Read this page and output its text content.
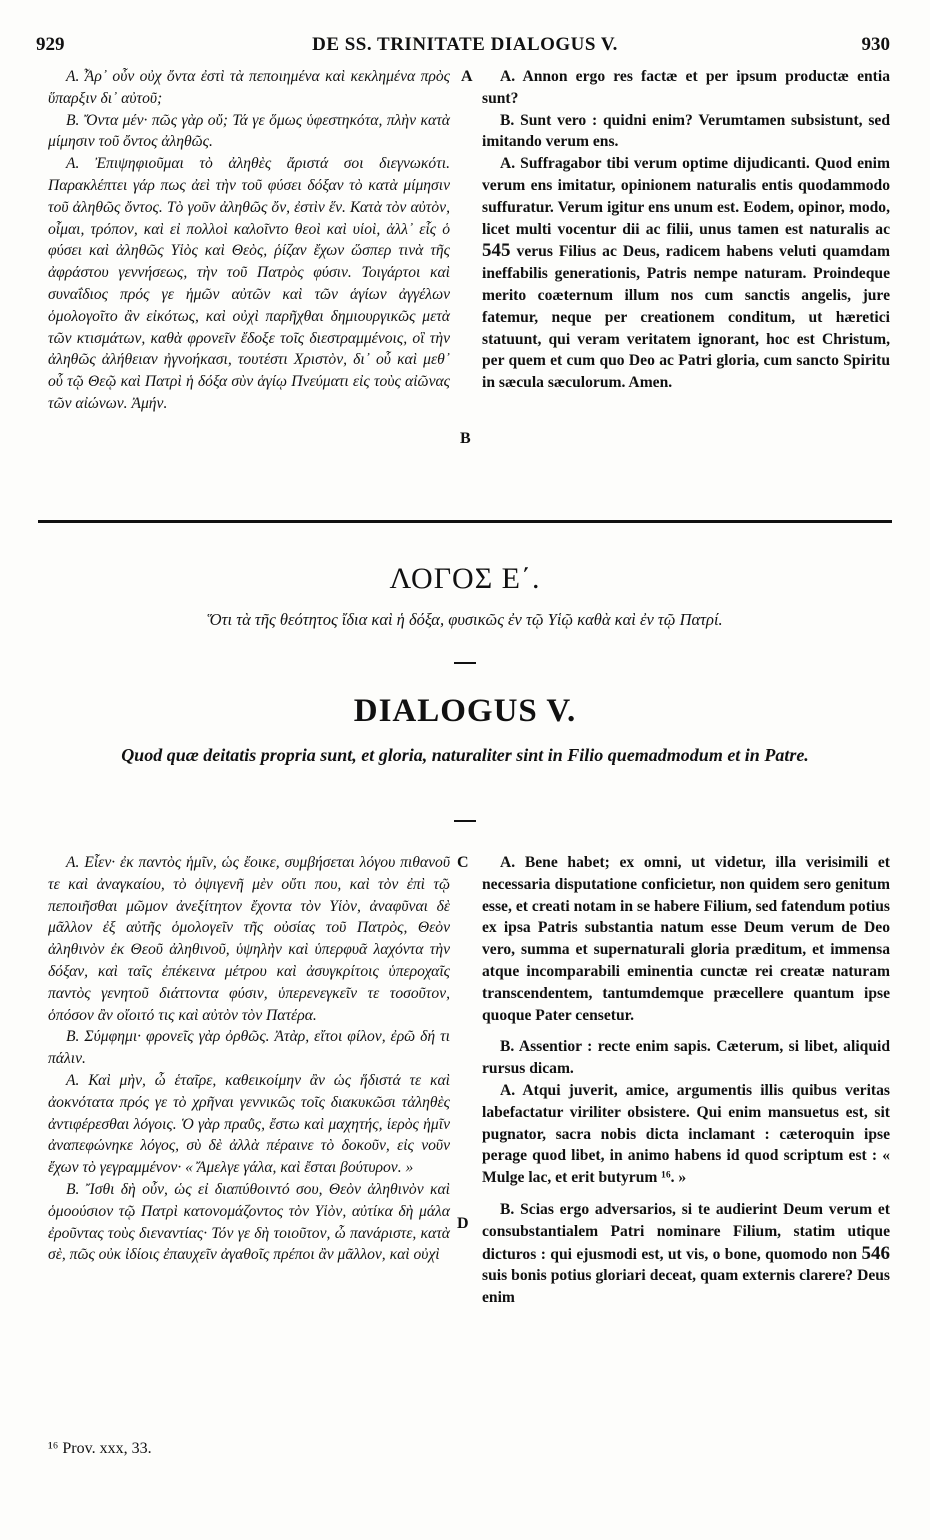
929	DE SS. TRINITATE DIALOGUS V.	930

A. Ἆρ᾽ οὖν οὐχ ὄντα ἐστὶ τὰ πεποιημένα καὶ κεκλημένα πρὸς ὕπαρξιν δι᾽ αὐτοῦ;

B. Ὄντα μέν· πῶς γὰρ οὔ; Τά γε ὅμως ὑφεστηκότα, πλὴν κατὰ μίμησιν τοῦ ὄντος ἀληθῶς.

A. Ἐπιψηφιοῦμαι τὸ ἀληθὲς ἄριστά σοι διεγνωκότι. Παρακλέπτει γάρ πως ἀεὶ τὴν τοῦ φύσει δόξαν τὸ κατὰ μίμησιν τοῦ ἀληθῶς ὄντος. Τὸ γοῦν ἀληθῶς ὄν, ἐστὶν ἕν. Κατὰ τὸν αὐτὸν, οἶμαι, τρόπον, καὶ εἰ πολλοὶ καλοῖντο θεοὶ καὶ υἱοὶ, ἀλλ᾽ εἷς ὁ φύσει καὶ ἀληθῶς Υἱὸς καὶ Θεὸς, ῥίζαν ἔχων ὥσπερ τινὰ τῆς ἀφράστου γεννήσεως, τὴν τοῦ Πατρὸς φύσιν. Τοιγάρτοι καὶ συναΐδιος πρός γε ἡμῶν αὐτῶν καὶ τῶν ἁγίων ἀγγέλων ὁμολογοῖτο ἂν εἰκότως, καὶ οὐχὶ παρῆχθαι δημιουργικῶς μετὰ τῶν κτισμάτων, καθὰ φρονεῖν ἔδοξε τοῖς διεστραμμένοις, οἳ τὴν ἀληθῶς ἀλήθειαν ἠγνοήκασι, τουτέστι Χριστὸν, δι᾽ οὗ καὶ μεθ᾽ οὗ τῷ Θεῷ καὶ Πατρὶ ἡ δόξα σὺν ἁγίῳ Πνεύματι εἰς τοὺς αἰῶνας τῶν αἰώνων. Ἀμήν.

A
B

A. Annon ergo res factæ et per ipsum productæ entia sunt?

B. Sunt vero : quidni enim? Verumtamen subsistunt, sed imitando verum ens.

A. Suffragabor tibi verum optime dijudicanti. Quod enim verum ens imitatur, opinionem naturalis entis quodammodo suffuratur. Verum igitur ens unum est. Eodem, opinor, modo, licet multi vocentur dii ac filii, unus tamen est naturalis ac 545 verus Filius ac Deus, radicem habens veluti quamdam ineffabilis generationis, Patris nempe naturam. Proindeque merito coæternum illum nos cum sanctis angelis, jure fatemur, neque per creationem conditum, ut hæretici statuunt, qui veram veritatem ignorant, hoc est Christum, per quem et cum quo Deo ac Patri gloria, cum sancto Spiritu in sæcula sæculorum. Amen.

ΛΟΓΟΣ Ε΄.
Ὅτι τὰ τῆς θεότητος ἴδια καὶ ἡ δόξα, φυσικῶς ἐν τῷ Υἱῷ καθὰ καὶ ἐν τῷ Πατρί.
DIALOGUS V.
Quod quæ deitatis propria sunt, et gloria, naturaliter sint in Filio quemadmodum et in Patre.

A. Εἶεν· ἐκ παντὸς ἡμῖν, ὡς ἔοικε, συμβήσεται λόγου πιθανοῦ τε καὶ ἀναγκαίου, τὸ ὀψιγενῆ μὲν οὔτι που, καὶ τὸν ἐπὶ τῷ πεποιῆσθαι μῶμον ἀνεξίτητον ἔχοντα τὸν Υἱὸν, ἀναφῦναι δὲ μᾶλλον ἐξ αὐτῆς ὁμολογεῖν τῆς οὐσίας τοῦ Πατρὸς, Θεὸν ἀληθινὸν ἐκ Θεοῦ ἀληθινοῦ, ὑψηλὴν καὶ ὑπερφυᾶ λαχόντα τὴν δόξαν, καὶ ταῖς ἐπέκεινα μέτρου καὶ ἀσυγκρίτοις ὑπεροχαῖς παντὸς γενητοῦ διάττοντα φύσιν, ὑπερενεγκεῖν τε τοσοῦτον, ὁπόσον ἂν οἴοιτό τις καὶ αὐτὸν τὸν Πατέρα.

B. Σύμφημι· φρονεῖς γὰρ ὀρθῶς. Ἀτὰρ, εἴτοι φίλον, ἐρῶ δή τι πάλιν.

A. Καὶ μὴν, ὦ ἑταῖρε, καθεικοίμην ἂν ὡς ἥδιστά τε καὶ ἀοκνότατα πρός γε τὸ χρῆναι γεννικῶς τοῖς διακυκῶσι τἀληθὲς ἀντιφέρεσθαι λόγοις. Ὁ γὰρ πραῢς, ἔστω καὶ μαχητής, ἱερὸς ἡμῖν ἀναπεφώνηκε λόγος, σὺ δὲ ἀλλὰ πέραινε τὸ δοκοῦν, εἰς νοῦν ἔχων τὸ γεγραμμένον· « Ἄμελγε γάλα, καὶ ἔσται βούτυρον. »

B. Ἴσθι δὴ οὖν, ὡς εἰ διαπύθοιντό σου, Θεὸν ἀληθινὸν καὶ ὁμοούσιον τῷ Πατρὶ κατονομάζοντος τὸν Υἱὸν, αὐτίκα δὴ μάλα ἐρoῦντας τοὺς διεναντίας· Τόν γε δὴ τοιοῦτον, ὦ πανάριστε, κατὰ σὲ, πῶς οὐκ ἰδίοις ἐπαυχεῖν ἀγαθοῖς πρέποι ἂν μᾶλλον, καὶ οὐχὶ

C
D

A. Bene habet; ex omni, ut videtur, illa verisimili et necessaria disputatione conficietur, non quidem sero genitum esse, et creati notam in se habere Filium, sed fatendum potius ex ipsa Patris substantia natum esse Deum verum de Deo vero, summa et supernaturali gloria præditum, et immensa atque incomparabili eminentia cunctæ rei creatæ naturam transcendentem, tantumdemque præcellere quantum ipse quoque Pater censetur.

B. Assentior : recte enim sapis. Cæterum, si libet, aliquid rursus dicam.

A. Atqui juverit, amice, argumentis illis quibus veritas labefactatur viriliter obsistere. Qui enim mansuetus est, sit pugnator, sacra nobis dicta inclamant : cæteroquin ipse perage quod libet, in animo habens id quod scriptum est : « Mulge lac, et erit butyrum ¹⁶. »

B. Scias ergo adversarios, si te audierint Deum verum et consubstantialem Patri nominare Filium, statim utique dicturos : qui ejusmodi est, ut vis, o bone, quomodo non 546 suis bonis potius gloriari deceat, quam externis clarere? Deus enim

¹⁶ Prov. xxx, 33.
